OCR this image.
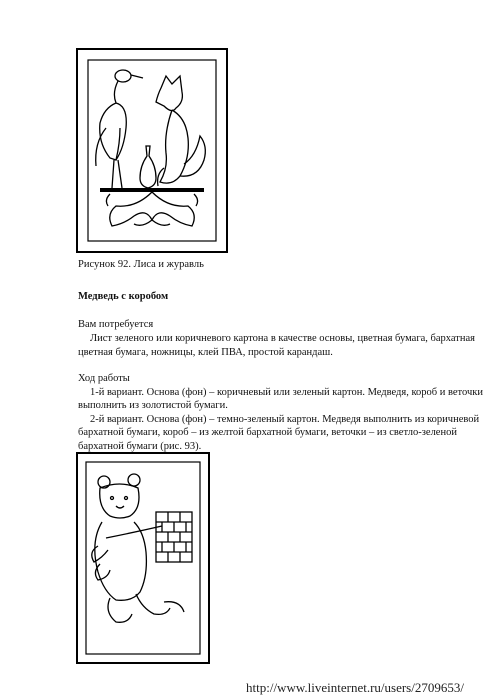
Рисунок 92. Лиса и журавль
Медведь с коробом
Вам потребуется
Лист зеленого или коричневого картона в качестве основы, цветная бумага, бархатная
цветная бумага, ножницы, клей ПВА, простой карандаш.
Ход работы
1-й вариант. Основа (фон) – коричневый или зеленый картон. Медведя, короб и веточки
выполнить из золотистой бумаги.
2-й вариант. Основа (фон) – темно-зеленый картон. Медведя выполнить из коричневой
бархатной бумаги, короб – из желтой бархатной бумаги, веточки – из светло-зеленой
бархатной бумаги (рис. 93).
http://www.liveinternet.ru/users/2709653/
